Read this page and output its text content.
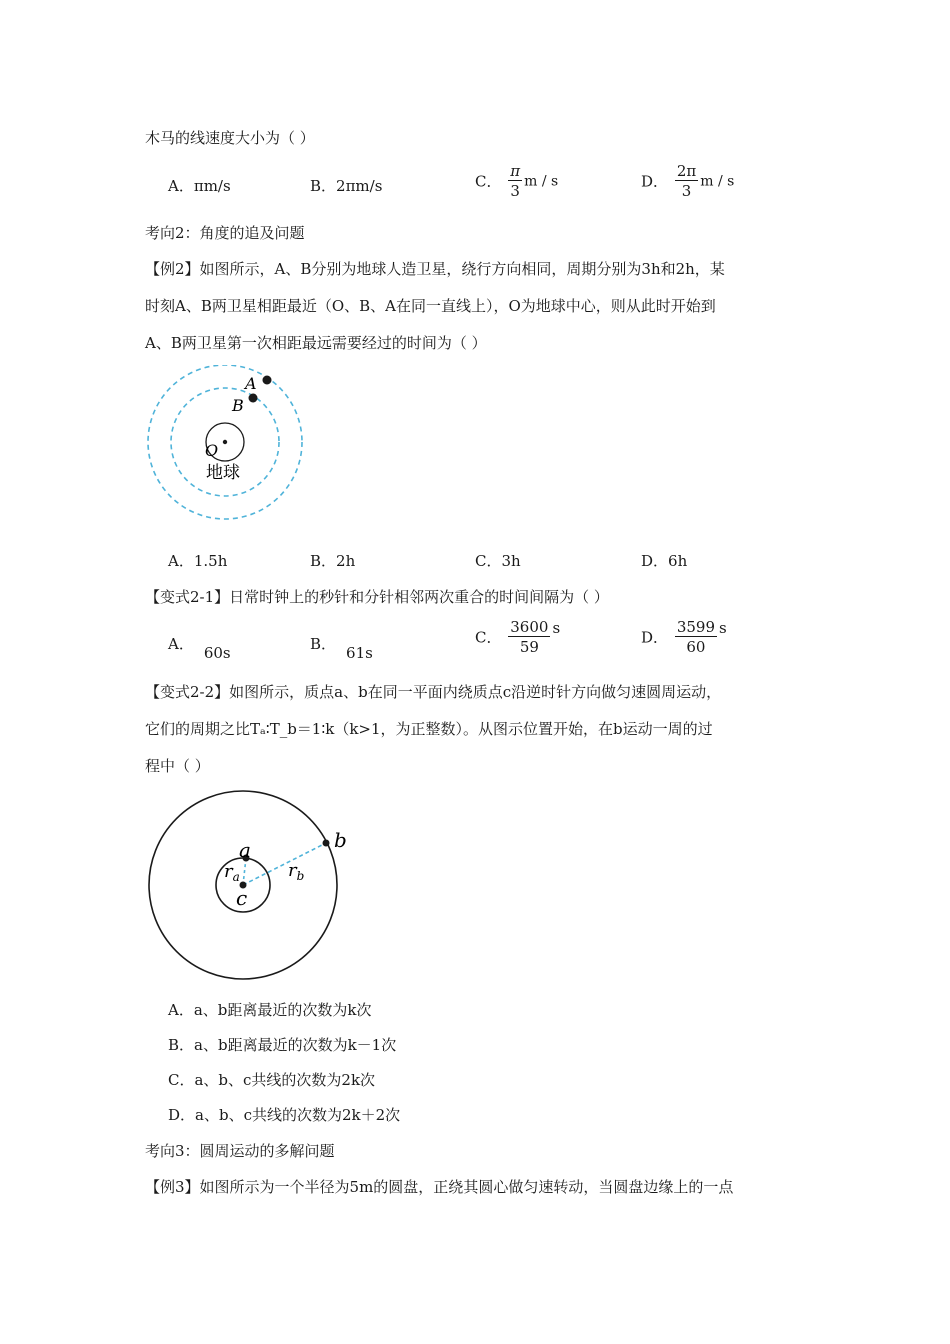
木马的线速度大小为（ ）
A．πm/s	B．2πm/s	C． $\frac{\pi}{3}$ m / s	D． $\frac{2\pi}{3}$ m / s
考向2：角度的追及问题
【例2】如图所示，A、B分别为地球人造卫星，绕行方向相同，周期分别为3h和2h，某
时刻A、B两卫星相距最近（O、B、A在同一直线上），O为地球中心，则从此时开始到
A、B两卫星第一次相距最远需要经过的时间为（ ）
A
B
O
地球
A．1.5h	B．2h	C．3h	D．6h
【变式2-1】日常时钟上的秒针和分针相邻两次重合的时间间隔为（ ）
A． 60s	B． 61s
C． $\frac{3600}{59}$ s
D． $\frac{3599}{60}$ s
【变式2-2】如图所示，质点a、b在同一平面内绕质点c沿逆时针方向做匀速圆周运动，
它们的周期之比Tₐ∶T_b＝1∶k（k>1，为正整数）。从图示位置开始，在b运动一周的过
程中（ ）
a	b
c
$r_a$	$r_b$
A．a、b距离最近的次数为k次
B．a、b距离最近的次数为k－1次
C．a、b、c共线的次数为2k次
D．a、b、c共线的次数为2k＋2次
考向3：圆周运动的多解问题
【例3】如图所示为一个半径为5m的圆盘，正绕其圆心做匀速转动，当圆盘边缘上的一点
